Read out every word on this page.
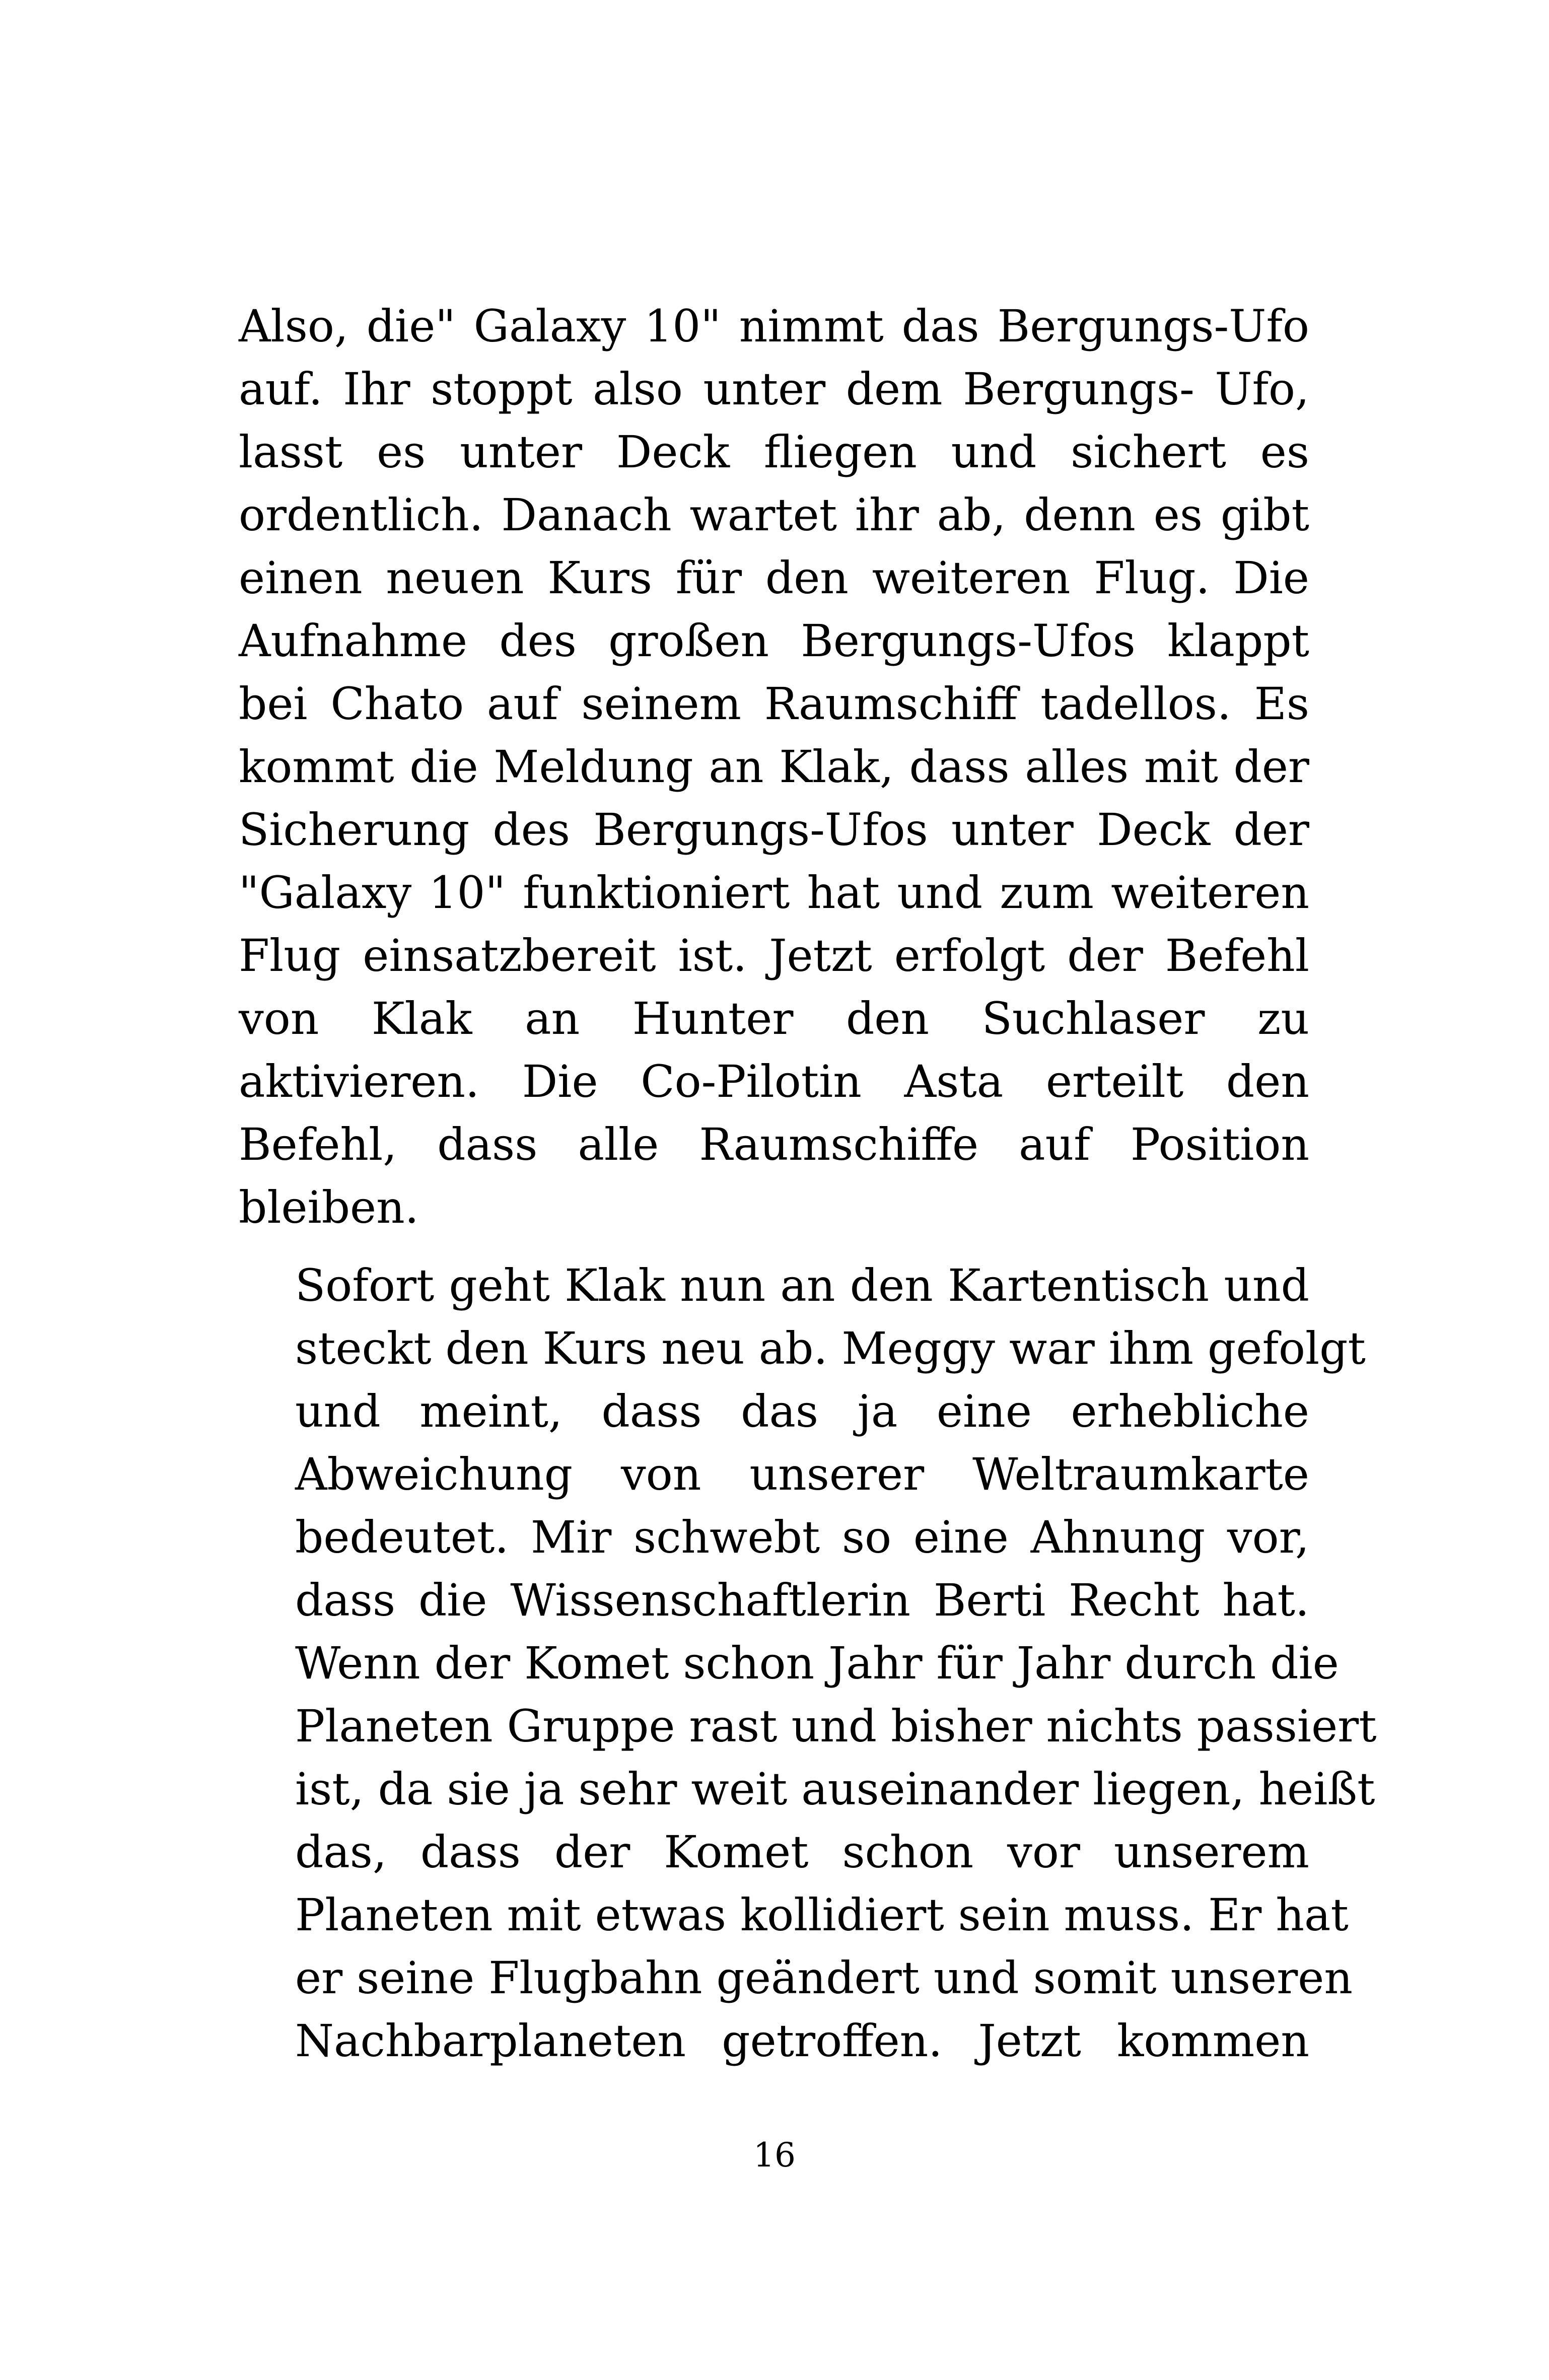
Also, die" Galaxy 10" nimmt das Bergungs-Ufo
auf. Ihr stoppt also unter dem Bergungs- Ufo,
lasst es unter Deck fliegen und sichert es
ordentlich. Danach wartet ihr ab, denn es gibt
einen neuen Kurs für den weiteren Flug. Die
Aufnahme des großen Bergungs-Ufos klappt
bei Chato auf seinem Raumschiff tadellos. Es
kommt die Meldung an Klak, dass alles mit der
Sicherung des Bergungs-Ufos unter Deck der
"Galaxy 10" funktioniert hat und zum weiteren
Flug einsatzbereit ist. Jetzt erfolgt der Befehl
von Klak an Hunter den Suchlaser zu
aktivieren. Die Co-Pilotin Asta erteilt den
Befehl, dass alle Raumschiffe auf Position
bleiben.

Sofort geht Klak nun an den Kartentisch und
steckt den Kurs neu ab. Meggy war ihm gefolgt
und meint, dass das ja eine erhebliche
Abweichung von unserer Weltraumkarte
bedeutet. Mir schwebt so eine Ahnung vor,
dass die Wissenschaftlerin Berti Recht hat.
Wenn der Komet schon Jahr für Jahr durch die
Planeten Gruppe rast und bisher nichts passiert
ist, da sie ja sehr weit auseinander liegen, heißt
das, dass der Komet schon vor unserem
Planeten mit etwas kollidiert sein muss. Er hat
er seine Flugbahn geändert und somit unseren
Nachbarplaneten getroffen. Jetzt kommen

16
